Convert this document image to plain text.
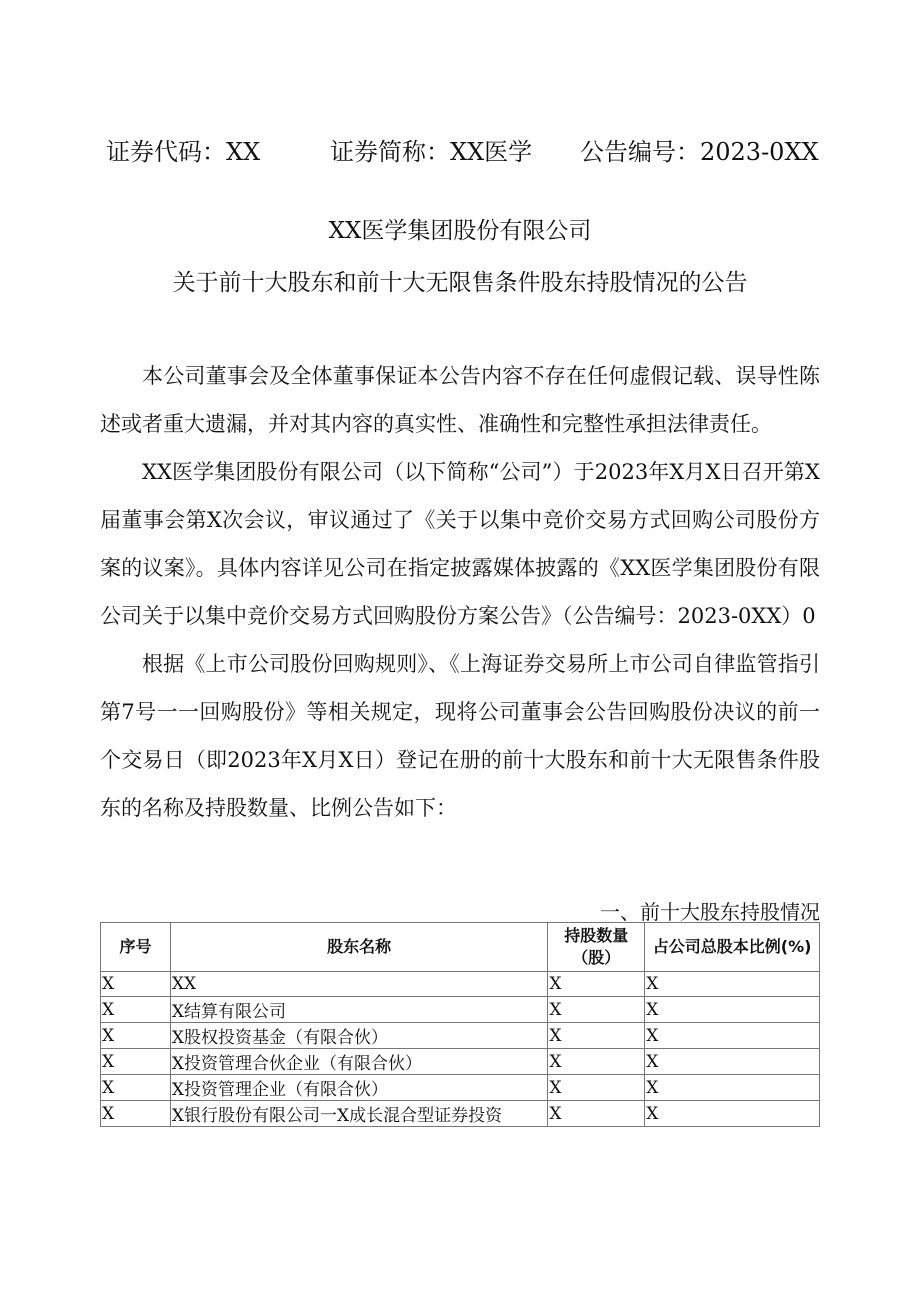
证券代码：XX	证券简称：XX医学 公告编号：2023-0XX
XX医学集团股份有限公司
关于前十大股东和前十大无限售条件股东持股情况的公告

本公司董事会及全体董事保证本公告内容不存在任何虚假记载、误导性陈述或者重大遗漏，并对其内容的真实性、准确性和完整性承担法律责任。

XX医学集团股份有限公司（以下简称“公司”）于2023年X月X日召开第X届董事会第X次会议，审议通过了《关于以集中竞价交易方式回购公司股份方案的议案》。具体内容详见公司在指定披露媒体披露的《XX医学集团股份有限公司关于以集中竞价交易方式回购股份方案公告》（公告编号：2023-0XX）0

根据《上市公司股份回购规则》、《上海证券交易所上市公司自律监管指引第7号一一回购股份》等相关规定，现将公司董事会公告回购股份决议的前一个交易日（即2023年X月X日）登记在册的前十大股东和前十大无限售条件股东的名称及持股数量、比例公告如下：

一、前十大股东持股情况
序号	股东名称	持股数量（股）	占公司总股本比例(%)
X	XX	X	X
X	X结算有限公司	X	X
X	X股权投资基金（有限合伙）	X	X
X	X投资管理合伙企业（有限合伙）	X	X
X	X投资管理企业（有限合伙）	X	X
X	X银行股份有限公司一X成长混合型证券投资	X	X
